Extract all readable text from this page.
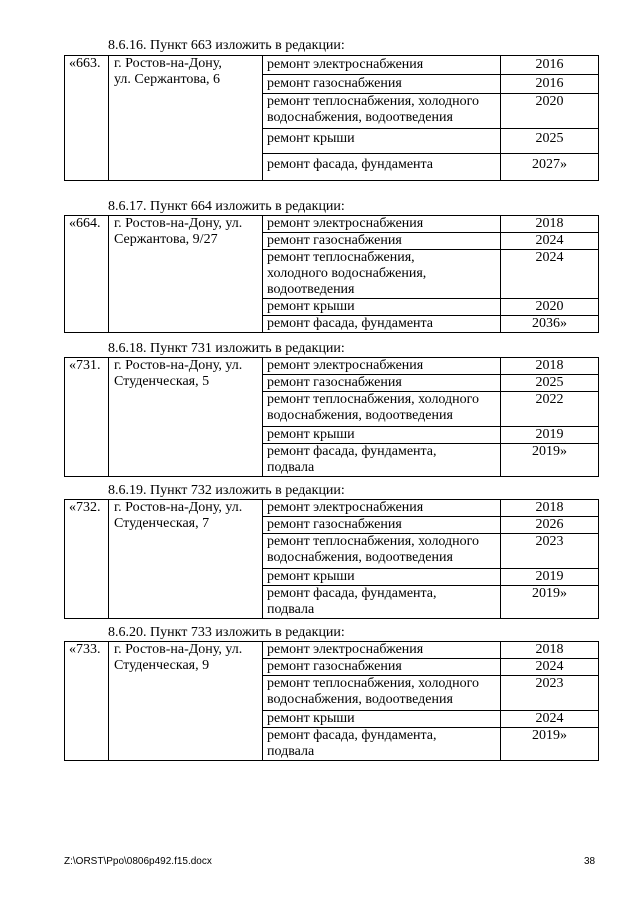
8.6.16. Пункт 663 изложить в редакции:
«663.	г. Ростов-на-Дону, ул. Сержантова, 6	ремонт электроснабжения	2016
		ремонт газоснабжения	2016
		ремонт теплоснабжения, холодного водоснабжения, водоотведения	2020
		ремонт крыши	2025
		ремонт фасада, фундамента	2027»
8.6.17. Пункт 664 изложить в редакции:
«664.	г. Ростов-на-Дону, ул. Сержантова, 9/27	ремонт электроснабжения	2018
		ремонт газоснабжения	2024
		ремонт теплоснабжения, холодного водоснабжения, водоотведения	2024
		ремонт крыши	2020
		ремонт фасада, фундамента	2036»
8.6.18. Пункт 731 изложить в редакции:
«731.	г. Ростов-на-Дону, ул. Студенческая, 5	ремонт электроснабжения	2018
		ремонт газоснабжения	2025
		ремонт теплоснабжения, холодного водоснабжения, водоотведения	2022
		ремонт крыши	2019
		ремонт фасада, фундамента, подвала	2019»
8.6.19. Пункт 732 изложить в редакции:
«732.	г. Ростов-на-Дону, ул. Студенческая, 7	ремонт электроснабжения	2018
		ремонт газоснабжения	2026
		ремонт теплоснабжения, холодного водоснабжения, водоотведения	2023
		ремонт крыши	2019
		ремонт фасада, фундамента, подвала	2019»
8.6.20. Пункт 733 изложить в редакции:
«733.	г. Ростов-на-Дону, ул. Студенческая, 9	ремонт электроснабжения	2018
		ремонт газоснабжения	2024
		ремонт теплоснабжения, холодного водоснабжения, водоотведения	2023
		ремонт крыши	2024
		ремонт фасада, фундамента, подвала	2019»
Z:\ORST\Ppo\0806p492.f15.docx	38
